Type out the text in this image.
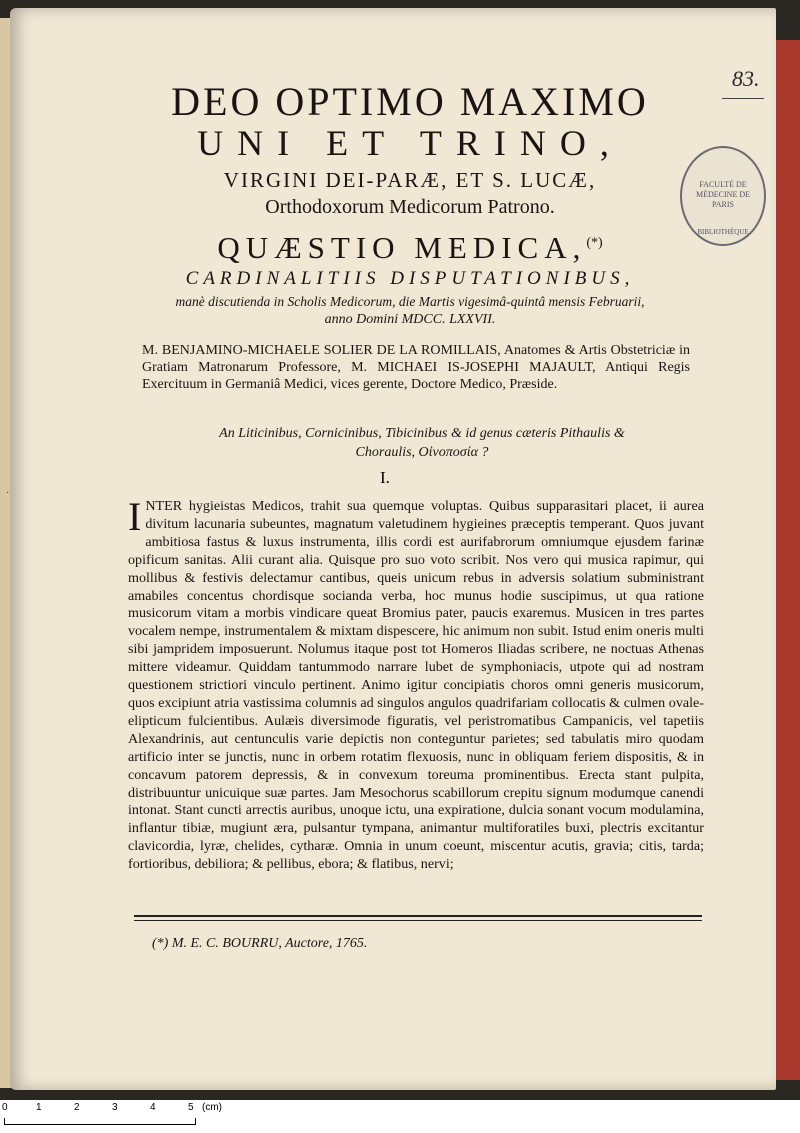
·
83.
FACULTÉ DE MÉDECINE DE PARIS
BIBLIOTHÈQUE
DEO OPTIMO MAXIMO
UNI ET TRINO,
VIRGINI DEI-PARÆ, ET S. LUCÆ,
Orthodoxorum Medicorum Patrono.
QUÆSTIO MEDICA,(*)
CARDINALITIIS DISPUTATIONIBUS,
manè discutienda in Scholis Medicorum, die Martis vigesimâ-quintâ mensis Februarii,
anno Domini MDCC. LXXVII.
M. BENJAMINO-MICHAELE SOLIER DE LA ROMILLAIS, Anatomes & Artis Obstetriciæ in Gratiam Matronarum Professore, M. MICHAEI IS-JOSEPHI MAJAULT, Antiqui Regis Exercituum in Germaniâ Medici, vices gerente, Doctore Medico, Præside.
An Liticinibus, Cornicinibus, Tibicinibus & id genus cæteris Pithaulis &
Choraulis, Οἰνοποσία ?
I.

INTER hygieistas Medicos, trahit sua quemque voluptas. Quibus supparasitari placet, ii aurea divitum lacunaria subeuntes, magnatum valetudinem hygieines præceptis temperant. Quos juvant ambitiosa fastus & luxus instrumenta, illis cordi est aurifabrorum omniumque ejusdem farinæ opificum sanitas. Alii curant alia. Quisque pro suo voto scribit. Nos vero qui musica rapimur, qui mollibus & festivis delectamur cantibus, queis unicum rebus in adversis solatium subministrant amabiles concentus chordisque socianda verba, hoc munus hodie suscipimus, ut qua ratione musicorum vitam a morbis vindicare queat Bromius pater, paucis exaremus. Musicen in tres partes vocalem nempe, instrumentalem & mixtam dispescere, hic animum non subit. Istud enim oneris multi sibi jampridem imposuerunt. Nolumus itaque post tot Homeros Iliadas scribere, ne noctuas Athenas mittere videamur. Quiddam tantummodo narrare lubet de symphoniacis, utpote qui ad nostram questionem strictiori vinculo pertinent. Animo igitur concipiatis choros omni generis musicorum, quos excipiunt atria vastissima columnis ad singulos angulos quadrifariam collocatis & culmen ovale-elipticum fulcientibus. Aulæis diversimode figuratis, vel peristromatibus Campanicis, vel tapetiis Alexandrinis, aut centunculis varie depictis non conteguntur parietes; sed tabulatis miro quodam artificio inter se junctis, nunc in orbem rotatim flexuosis, nunc in obliquam feriem dispositis, & in concavum patorem depressis, & in convexum toreuma prominentibus. Erecta stant pulpita, distribuuntur unicuique suæ partes. Jam Mesochorus scabillorum crepitu signum modumque canendi intonat. Stant cuncti arrectis auribus, unoque ictu, una expiratione, dulcia sonant vocum modulamina, inflantur tibiæ, mugiunt æra, pulsantur tympana, animantur multiforatiles buxi, plectris excitantur clavicordia, lyræ, chelides, cytharæ. Omnia in unum coeunt, miscentur acutis, gravia; citis, tarda; fortioribus, debiliora; & pellibus, ebora; & flatibus, nervi;

(*) M. E. C. BOURRU, Auctore, 1765.
0	1	2	3	4	5 (cm)
